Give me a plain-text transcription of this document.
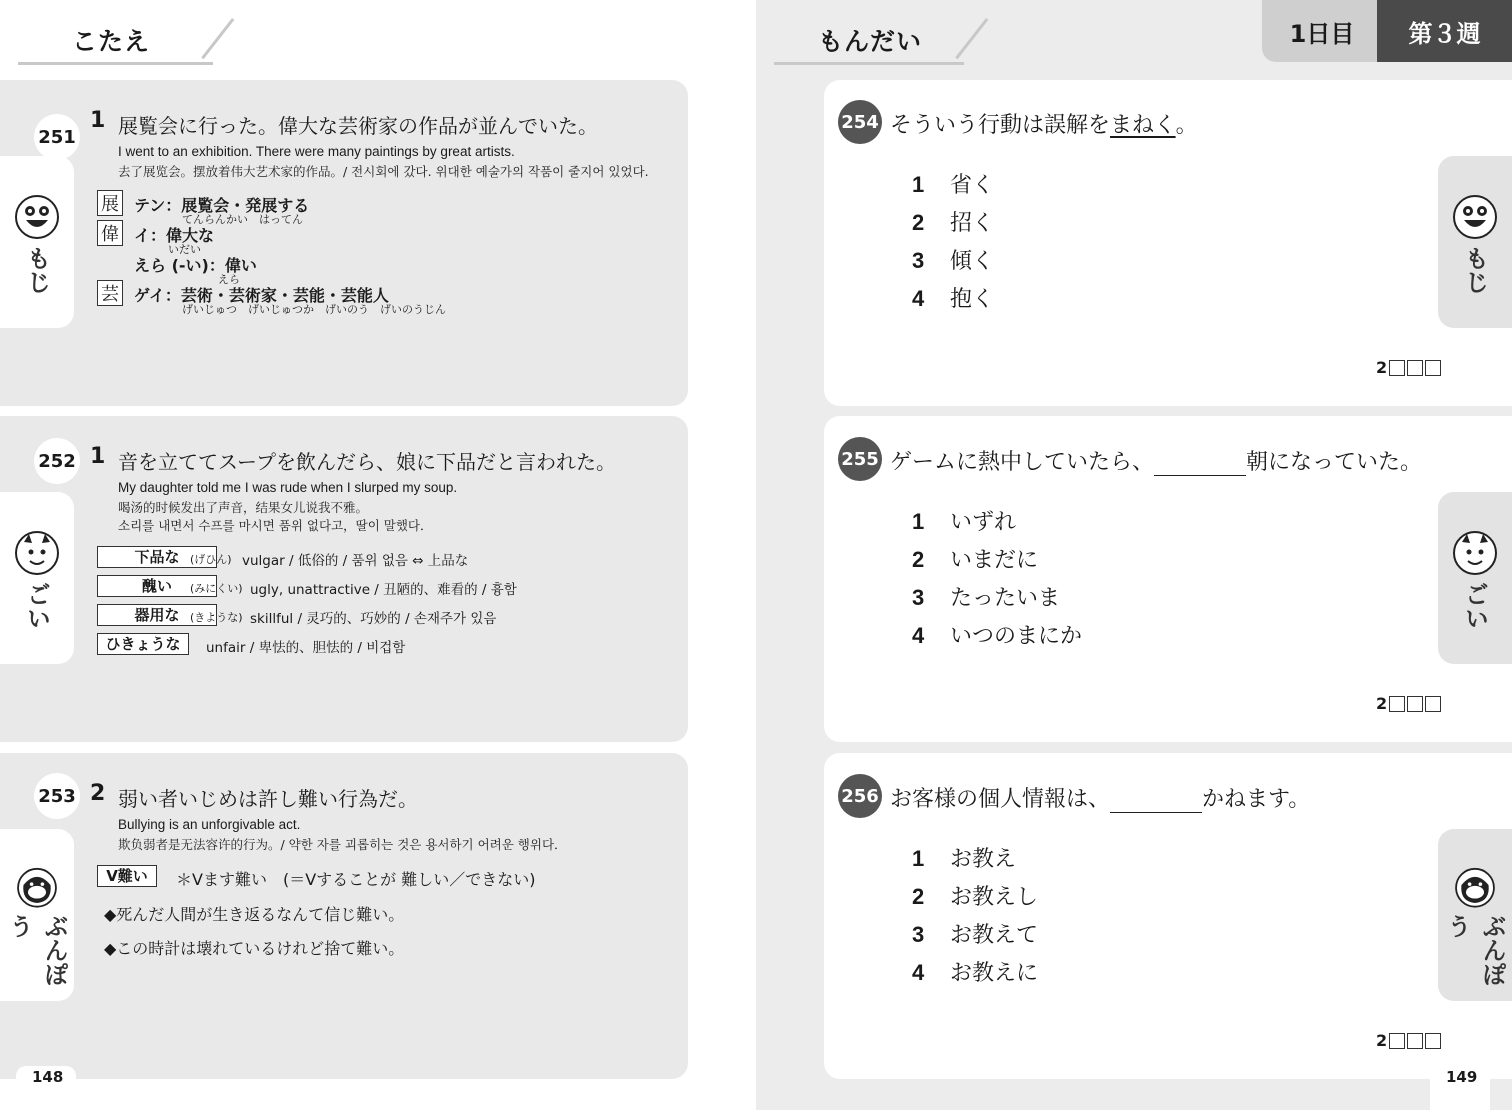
こたえ
もじ
251
1 展覧会に行った。偉大な芸術家の作品が並んでいた。
I went to an exhibition. There were many paintings by great artists.
去了展览会。摆放着伟大艺术家的作品。/ 전시회에 갔다. 위대한 예술가의 작품이 줄지어 있었다.
展 テン：展覧会・発展する
てんらんかい　はってん
偉 イ：偉大な
いだい
えら (-い)：偉い
えら
芸 ゲイ：芸術・芸術家・芸能・芸能人
げいじゅつ　げいじゅつか　げいのう　げいのうじん
ごい
252 1 音を立ててスープを飲んだら、娘に下品だと言われた。
My daughter told me I was rude when I slurped my soup.
喝汤的时候发出了声音，结果女儿说我不雅。
소리를 내면서 수프를 마시면 품위 없다고，딸이 말했다．
下品な (げひん) vulgar / 低俗的 / 품위 없음 ⇔ 上品な
醜い	(みにくい) ugly, unattractive / 丑陋的、难看的 / 흉함
器用な (きような) skillful / 灵巧的、巧妙的 / 손재주가 있음
ひきょうな	unfair / 卑怯的、胆怯的 / 비겁함
ぶんぽう
253 2 弱い者いじめは許し難い行為だ。
Bullying is an unforgivable act.
欺负弱者是无法容许的行为。/ 약한 자를 괴롭히는 것은 용서하기 어려운 행위다．
V難い	＊Vます難い　(＝Vすることが 難しい／できない)
◆死んだ人間が生き返るなんて信じ難い。
◆この時計は壊れているけれど捨て難い。
148
もんだい	1日目	第３週
254 そういう行動は誤解をまねく。
1 省く
2 招く
3 傾く
4 抱く
2
もじ
255 ゲームに熱中していたら、	朝になっていた。
1 いずれ
2 いまだに
3 たったいま
4 いつのまにか
2
ごい
256 お客様の個人情報は、	かねます。
1 お教え
2 お教えし
3 お教えて
4 お教えに
2
ぶんぽう
149
